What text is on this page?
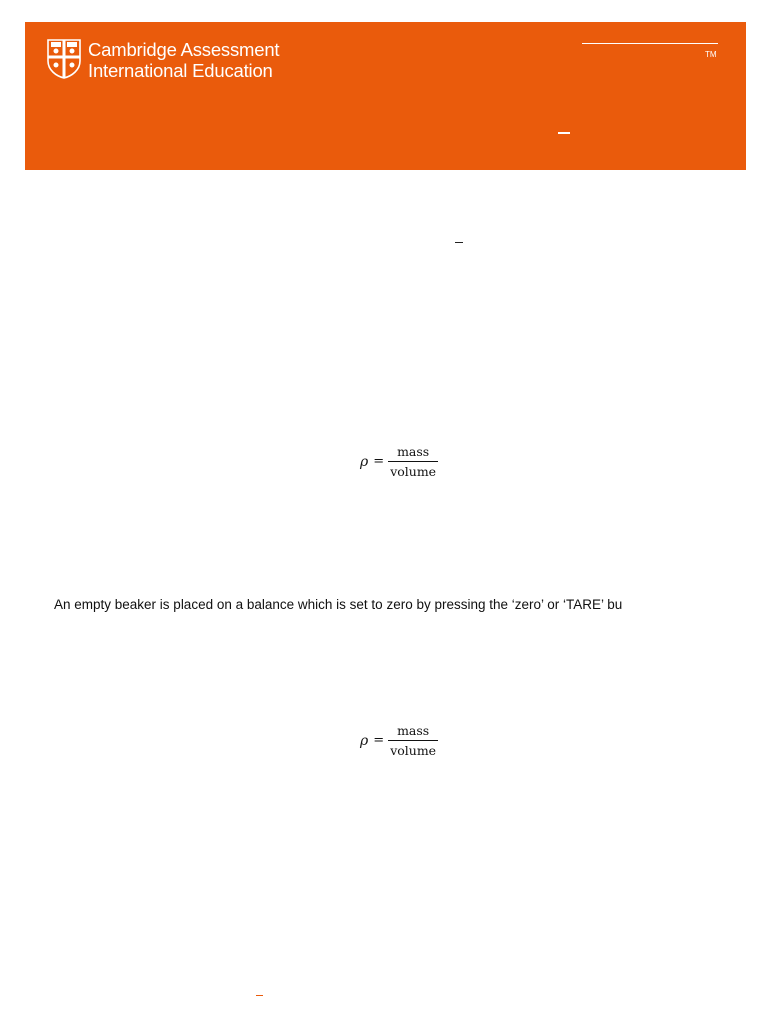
Cambridge Assessment
International Education
TM
$\rho = \frac{\text{mass}}{\text{volume}}$
An empty beaker is placed on a balance which is set to zero by pressing the ‘zero’ or ‘TARE’ bu
$\rho = \frac{\text{mass}}{\text{volume}}$
